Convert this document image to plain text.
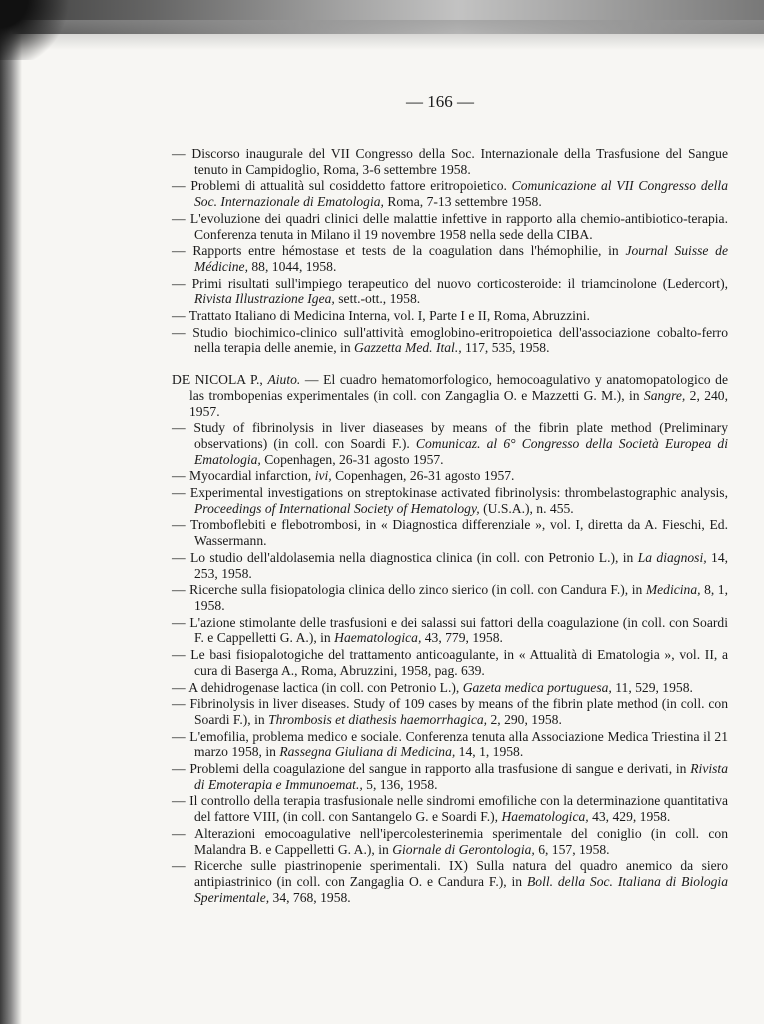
— 166 —

— Discorso inaugurale del VII Congresso della Soc. Internazionale della Trasfusione del Sangue tenuto in Campidoglio, Roma, 3-6 settembre 1958.

— Problemi di attualità sul cosiddetto fattore eritropoietico. Comunicazione al VII Congresso della Soc. Internazionale di Ematologia, Roma, 7-13 settembre 1958.

— L'evoluzione dei quadri clinici delle malattie infettive in rapporto alla chemio-antibiotico-terapia. Conferenza tenuta in Milano il 19 novembre 1958 nella sede della CIBA.

— Rapports entre hémostase et tests de la coagulation dans l'hémophilie, in Journal Suisse de Médicine, 88, 1044, 1958.

— Primi risultati sull'impiego terapeutico del nuovo corticosteroide: il triamcinolone (Ledercort), Rivista Illustrazione Igea, sett.-ott., 1958.

— Trattato Italiano di Medicina Interna, vol. I, Parte I e II, Roma, Abruzzini.

— Studio biochimico-clinico sull'attività emoglobino-eritropoietica dell'associazione cobalto-ferro nella terapia delle anemie, in Gazzetta Med. Ital., 117, 535, 1958.

DE NICOLA P., Aiuto. — El cuadro hematomorfologico, hemocoagulativo y anatomopatologico de las trombopenias experimentales (in coll. con Zangaglia O. e Mazzetti G. M.), in Sangre, 2, 240, 1957.

— Study of fibrinolysis in liver diaseases by means of the fibrin plate method (Preliminary observations) (in coll. con Soardi F.). Comunicaz. al 6° Congresso della Società Europea di Ematologia, Copenhagen, 26-31 agosto 1957.

— Myocardial infarction, ivi, Copenhagen, 26-31 agosto 1957.

— Experimental investigations on streptokinase activated fibrinolysis: thrombelastographic analysis, Proceedings of International Society of Hematology, (U.S.A.), n. 455.

— Tromboflebiti e flebotrombosi, in « Diagnostica differenziale », vol. I, diretta da A. Fieschi, Ed. Wassermann.

— Lo studio dell'aldolasemia nella diagnostica clinica (in coll. con Petronio L.), in La diagnosi, 14, 253, 1958.

— Ricerche sulla fisiopatologia clinica dello zinco sierico (in coll. con Candura F.), in Medicina, 8, 1, 1958.

— L'azione stimolante delle trasfusioni e dei salassi sui fattori della coagulazione (in coll. con Soardi F. e Cappelletti G. A.), in Haematologica, 43, 779, 1958.

— Le basi fisiopalotogiche del trattamento anticoagulante, in « Attualità di Ematologia », vol. II, a cura di Baserga A., Roma, Abruzzini, 1958, pag. 639.

— A dehidrogenase lactica (in coll. con Petronio L.), Gazeta medica portuguesa, 11, 529, 1958.

— Fibrinolysis in liver diseases. Study of 109 cases by means of the fibrin plate method (in coll. con Soardi F.), in Thrombosis et diathesis haemorrhagica, 2, 290, 1958.

— L'emofilia, problema medico e sociale. Conferenza tenuta alla Associazione Medica Triestina il 21 marzo 1958, in Rassegna Giuliana di Medicina, 14, 1, 1958.

— Problemi della coagulazione del sangue in rapporto alla trasfusione di sangue e derivati, in Rivista di Emoterapia e Immunoemat., 5, 136, 1958.

— Il controllo della terapia trasfusionale nelle sindromi emofiliche con la determinazione quantitativa del fattore VIII, (in coll. con Santangelo G. e Soardi F.), Haematologica, 43, 429, 1958.

— Alterazioni emocoagulative nell'ipercolesterinemia sperimentale del coniglio (in coll. con Malandra B. e Cappelletti G. A.), in Giornale di Gerontologia, 6, 157, 1958.

— Ricerche sulle piastrinopenie sperimentali. IX) Sulla natura del quadro anemico da siero antipiastrinico (in coll. con Zangaglia O. e Candura F.), in Boll. della Soc. Italiana di Biologia Sperimentale, 34, 768, 1958.
